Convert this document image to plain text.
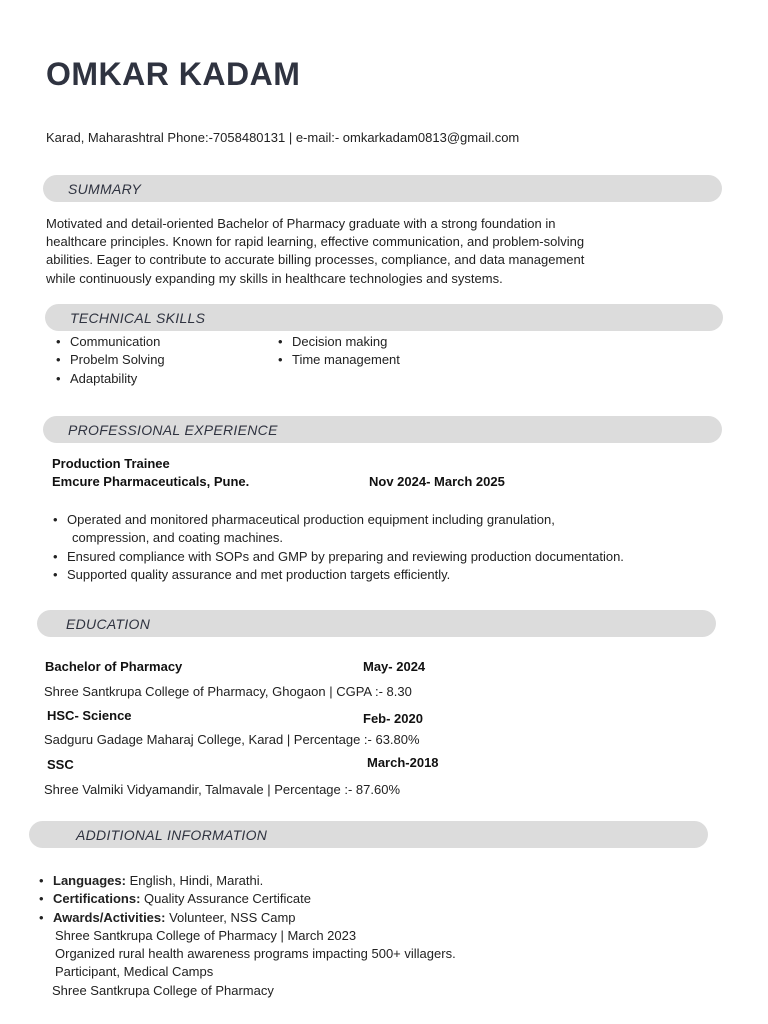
OMKAR KADAM
Karad, Maharashtral Phone:-7058480131 | e-mail:- omkarkadam0813@gmail.com
SUMMARY
Motivated and detail-oriented Bachelor of Pharmacy graduate with a strong foundation in
healthcare principles. Known for rapid learning, effective communication, and problem-solving
abilities. Eager to contribute to accurate billing processes, compliance, and data management
while continuously expanding my skills in healthcare technologies and systems.
TECHNICAL SKILLS
• Communication
• Probelm Solving
• Adaptability
• Decision making
• Time management
PROFESSIONAL EXPERIENCE
Production Trainee
Emcure Pharmaceuticals, Pune.	Nov 2024- March 2025
• Operated and monitored pharmaceutical production equipment including granulation,
compression, and coating machines.
• Ensured compliance with SOPs and GMP by preparing and reviewing production documentation.
• Supported quality assurance and met production targets efficiently.
EDUCATION
Bachelor of Pharmacy	May- 2024
Shree Santkrupa College of Pharmacy, Ghogaon | CGPA :- 8.30
HSC- Science	Feb- 2020
Sadguru Gadage Maharaj College, Karad | Percentage :- 63.80%
SSC	March-2018
Shree Valmiki Vidyamandir, Talmavale | Percentage :- 87.60%
ADDITIONAL INFORMATION
• Languages: English, Hindi, Marathi.
• Certifications: Quality Assurance Certificate
• Awards/Activities: Volunteer, NSS Camp
Shree Santkrupa College of Pharmacy | March 2023
Organized rural health awareness programs impacting 500+ villagers.
Participant, Medical Camps
Shree Santkrupa College of Pharmacy
